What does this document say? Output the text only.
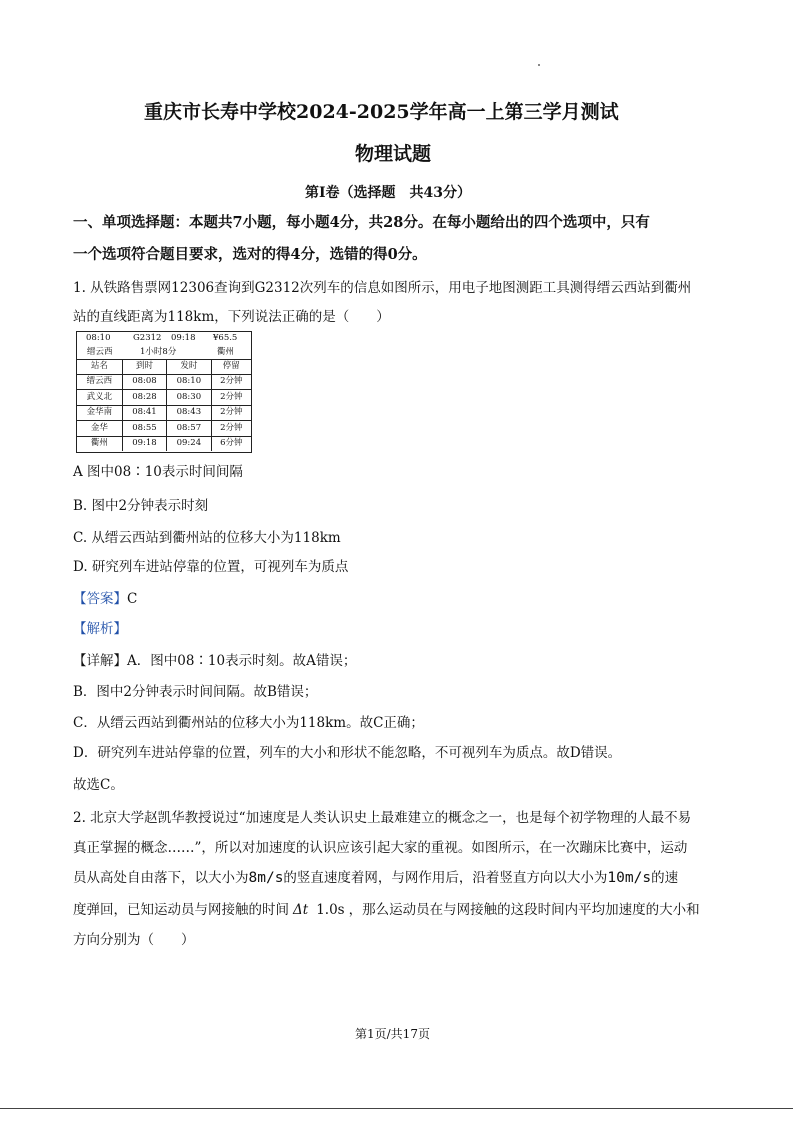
重庆市长寿中学校2024-2025学年高一上第三学月测试
物理试题
第Ⅰ卷（选择题　共43分）
一、单项选择题：本题共7小题，每小题4分，共28分。在每小题给出的四个选项中，只有
一个选项符合题目要求，选对的得4分，选错的得0分。
1. 从铁路售票网12306查询到G2312次列车的信息如图所示，用电子地图测距工具测得缙云西站到衢州
站的直线距离为118km，下列说法正确的是（　　）
08:10	G2312 09:18 ¥65.5
缙云西	1小时8分	衢州
站名	到时	发时	停留
缙云西	08:08	08:10	2分钟
武义北	08:28	08:30	2分钟
金华南	08:41	08:43	2分钟
金华	08:55	08:57	2分钟
衢州	09:18	09:24	6分钟
A 图中08∶10表示时间间隔
B. 图中2分钟表示时刻
C. 从缙云西站到衢州站的位移大小为118km
D. 研究列车进站停靠的位置，可视列车为质点
【答案】C
【解析】
【详解】A．图中08∶10表示时刻。故A错误；
B．图中2分钟表示时间间隔。故B错误；
C．从缙云西站到衢州站的位移大小为118km。故C正确；
D．研究列车进站停靠的位置，列车的大小和形状不能忽略，不可视列车为质点。故D错误。
故选C。
2. 北京大学赵凯华教授说过“加速度是人类认识史上最难建立的概念之一，也是每个初学物理的人最不易
真正掌握的概念……”，所以对加速度的认识应该引起大家的重视。如图所示，在一次蹦床比赛中，运动
员从高处自由落下，以大小为8m/s的竖直速度着网，与网作用后，沿着竖直方向以大小为10m/s的速
度弹回，已知运动员与网接触的时间 Δt 1.0s ，那么运动员在与网接触的这段时间内平均加速度的大小和
方向分别为（　　）
第1页/共17页
